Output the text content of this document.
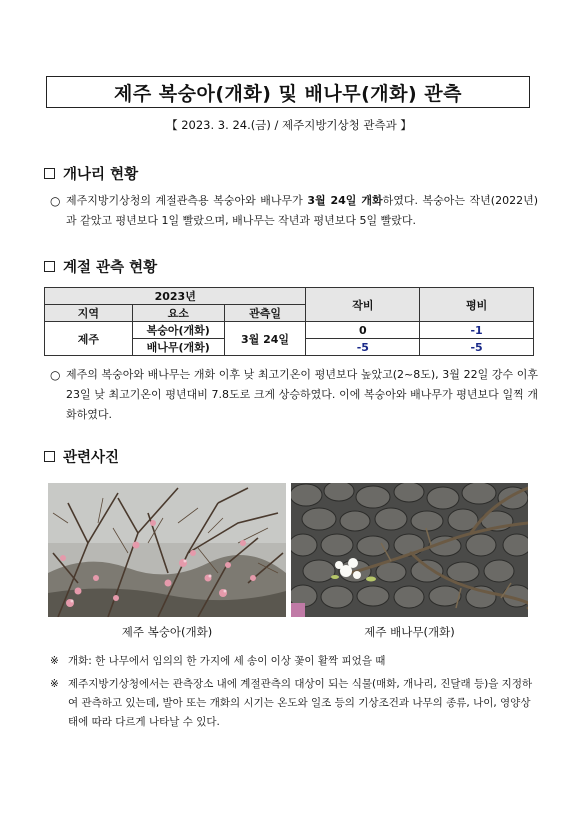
제주 복숭아(개화) 및 배나무(개화) 관측
【 2023. 3. 24.(금) / 제주지방기상청 관측과 】
개나리 현황
○ 제주지방기상청의 계절관측용 복숭아와 배나무가 3월 24일 개화하였다. 복숭아는 작년(2022년)과 같았고 평년보다 1일 빨랐으며, 배나무는 작년과 평년보다 5일 빨랐다.
계절 관측 현황
2023년			작비	평비
지역	요소	관측일		
제주	복숭아(개화)	3월 24일	0	-1
	배나무(개화)		-5	-5
○ 제주의 복숭아와 배나무는 개화 이후 낮 최고기온이 평년보다 높았고(2~8도), 3월 22일 강수 이후 23일 낮 최고기온이 평년대비 7.8도로 크게 상승하였다. 이에 복숭아와 배나무가 평년보다 일찍 개화하였다.
관련사진
제주 복숭아(개화)	제주 배나무(개화)
※ 개화: 한 나무에서 임의의 한 가지에 세 송이 이상 꽃이 활짝 피었을 때
※ 제주지방기상청에서는 관측장소 내에 계절관측의 대상이 되는 식물(매화, 개나리, 진달래 등)을 지정하여 관측하고 있는데, 발아 또는 개화의 시기는 온도와 일조 등의 기상조건과 나무의 종류, 나이, 영양상태에 따라 다르게 나타날 수 있다.
